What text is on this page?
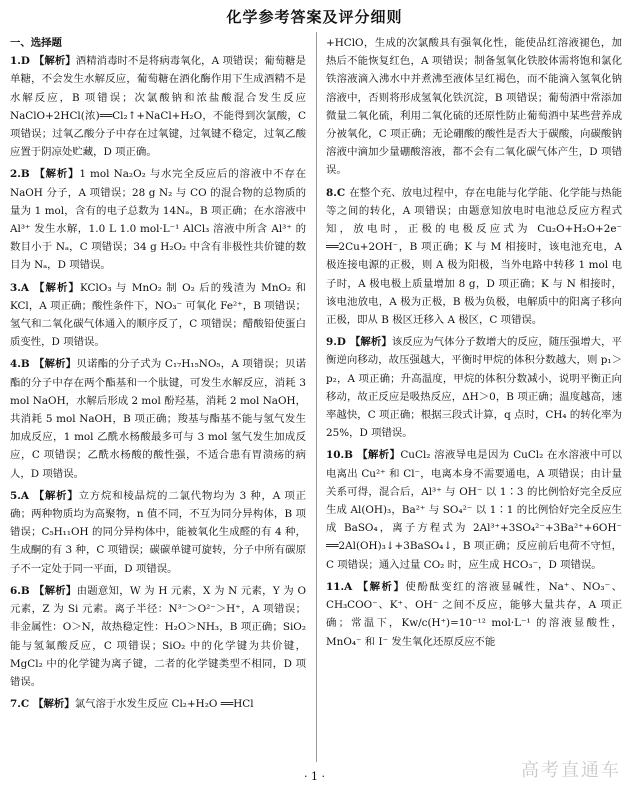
化学参考答案及评分细则
一、选择题
1.D 【解析】酒精消毒时不是将病毒氧化，A 项错误；葡萄糖是单糖，不会发生水解反应，葡萄糖在酒化酶作用下生成酒精不是水解反应，B 项错误；次氯酸钠和浓盐酸混合发生反应 NaClO+2HCl(浓)══Cl₂↑+NaCl+H₂O，不能得到次氯酸，C 项错误；过氧乙酸分子中存在过氧键，过氧键不稳定，过氧乙酸应置于阴凉处贮藏，D 项正确。
2.B 【解析】1 mol Na₂O₂ 与水完全反应后的溶液中不存在 NaOH 分子，A 项错误；28 g N₂ 与 CO 的混合物的总物质的量为 1 mol，含有的电子总数为 14Nₐ，B 项正确；在水溶液中 Al³⁺ 发生水解，1.0 L 1.0 mol·L⁻¹ AlCl₃ 溶液中所含 Al³⁺ 的数目小于 Nₐ，C 项错误；34 g H₂O₂ 中含有非极性共价键的数目为 Nₐ，D 项错误。
3.A 【解析】KClO₃ 与 MnO₂ 制 O₂ 后的残渣为 MnO₂ 和 KCl，A 项正确；酸性条件下，NO₃⁻ 可氧化 Fe²⁺，B 项错误；氢气和二氧化碳气体通入的顺序反了，C 项错误；醋酸铅使蛋白质变性，D 项错误。
4.B 【解析】贝诺酯的分子式为 C₁₇H₁₅NO₅，A 项错误；贝诺酯的分子中存在两个酯基和一个肽键，可发生水解反应，消耗 3 mol NaOH，水解后形成 2 mol 酚羟基，消耗 2 mol NaOH，共消耗 5 mol NaOH，B 项正确；羧基与酯基不能与氢气发生加成反应，1 mol 乙酰水杨酸最多可与 3 mol 氢气发生加成反应，C 项错误；乙酰水杨酸的酸性强，不适合患有胃溃疡的病人，D 项错误。
5.A 【解析】立方烷和棱晶烷的二氯代物均为 3 种，A 项正确；两种物质均为高聚物，n 值不同，不互为同分异构体，B 项错误；C₅H₁₁OH 的同分异构体中，能被氧化生成醛的有 4 种，生成酮的有 3 种，C 项错误；碳碳单键可旋转，分子中所有碳原子不一定处于同一平面，D 项错误。
6.B 【解析】由题意知，W 为 H 元素，X 为 N 元素，Y 为 O 元素，Z 为 Si 元素。离子半径：N³⁻＞O²⁻＞H⁺，A 项错误；非金属性：O＞N，故热稳定性：H₂O＞NH₃，B 项正确；SiO₂ 能与氢氟酸反应，C 项错误；SiO₂ 中的化学键为共价键，MgCl₂ 中的化学键为离子键，二者的化学键类型不相同，D 项错误。
7.C 【解析】氯气溶于水发生反应 Cl₂+H₂O ══HCl
+HClO，生成的次氯酸具有强氧化性，能使品红溶液褪色，加热后不能恢复红色，A 项错误；制备氢氧化铁胶体需将饱和氯化铁溶液滴入沸水中并煮沸至液体呈红褐色，而不能滴入氢氧化钠溶液中，否则将形成氢氧化铁沉淀，B 项错误；葡萄酒中常添加微量二氧化硫，利用二氧化硫的还原性防止葡萄酒中某些营养成分被氧化，C 项正确；无论硼酸的酸性是否大于碳酸，向碳酸钠溶液中滴加少量硼酸溶液，都不会有二氧化碳气体产生，D 项错误。
8.C 在整个充、放电过程中，存在电能与化学能、化学能与热能等之间的转化，A 项错误；由题意知放电时电池总反应方程式知，放电时，正极的电极反应式为 Cu₂O+H₂O+2e⁻ ══2Cu+2OH⁻，B 项正确；K 与 M 相接时，该电池充电，A 极连接电源的正极，则 A 极为阳极，当外电路中转移 1 mol 电子时，A 极电极上质量增加 8 g，D 项正确；K 与 N 相接时，该电池放电，A 极为正极，B 极为负极，电解质中的阳离子移向正极，即从 B 极区迁移入 A 极区，C 项错误。
9.D 【解析】该反应为气体分子数增大的反应，随压强增大，平衡逆向移动，故压强越大，平衡时甲烷的体积分数越大，则 p₁＞p₂，A 项正确；升高温度，甲烷的体积分数减小，说明平衡正向移动，故正反应是吸热反应，ΔH＞0，B 项正确；温度越高，速率越快，C 项正确；根据三段式计算，q 点时，CH₄ 的转化率为 25%，D 项错误。
10.B 【解析】CuCl₂ 溶液导电是因为 CuCl₂ 在水溶液中可以电离出 Cu²⁺ 和 Cl⁻，电离本身不需要通电，A 项错误；由计量关系可得，混合后，Al³⁺ 与 OH⁻ 以 1∶3 的比例恰好完全反应生成 Al(OH)₃，Ba²⁺ 与 SO₄²⁻ 以 1∶1 的比例恰好完全反应生成 BaSO₄，离子方程式为 2Al³⁺+3SO₄²⁻+3Ba²⁺+6OH⁻ ══2Al(OH)₃↓+3BaSO₄↓，B 项正确；反应前后电荷不守恒，C 项错误；通入过量 CO₂ 时，应生成 HCO₃⁻，D 项错误。
11.A 【解析】使酚酞变红的溶液显碱性，Na⁺、NO₃⁻、CH₃COO⁻、K⁺、OH⁻ 之间不反应，能够大量共存，A 项正确；常温下，Kw/c(H⁺)=10⁻¹² mol·L⁻¹ 的溶液显酸性，MnO₄⁻ 和 I⁻ 发生氧化还原反应不能
· 1 ·	高考直通车
